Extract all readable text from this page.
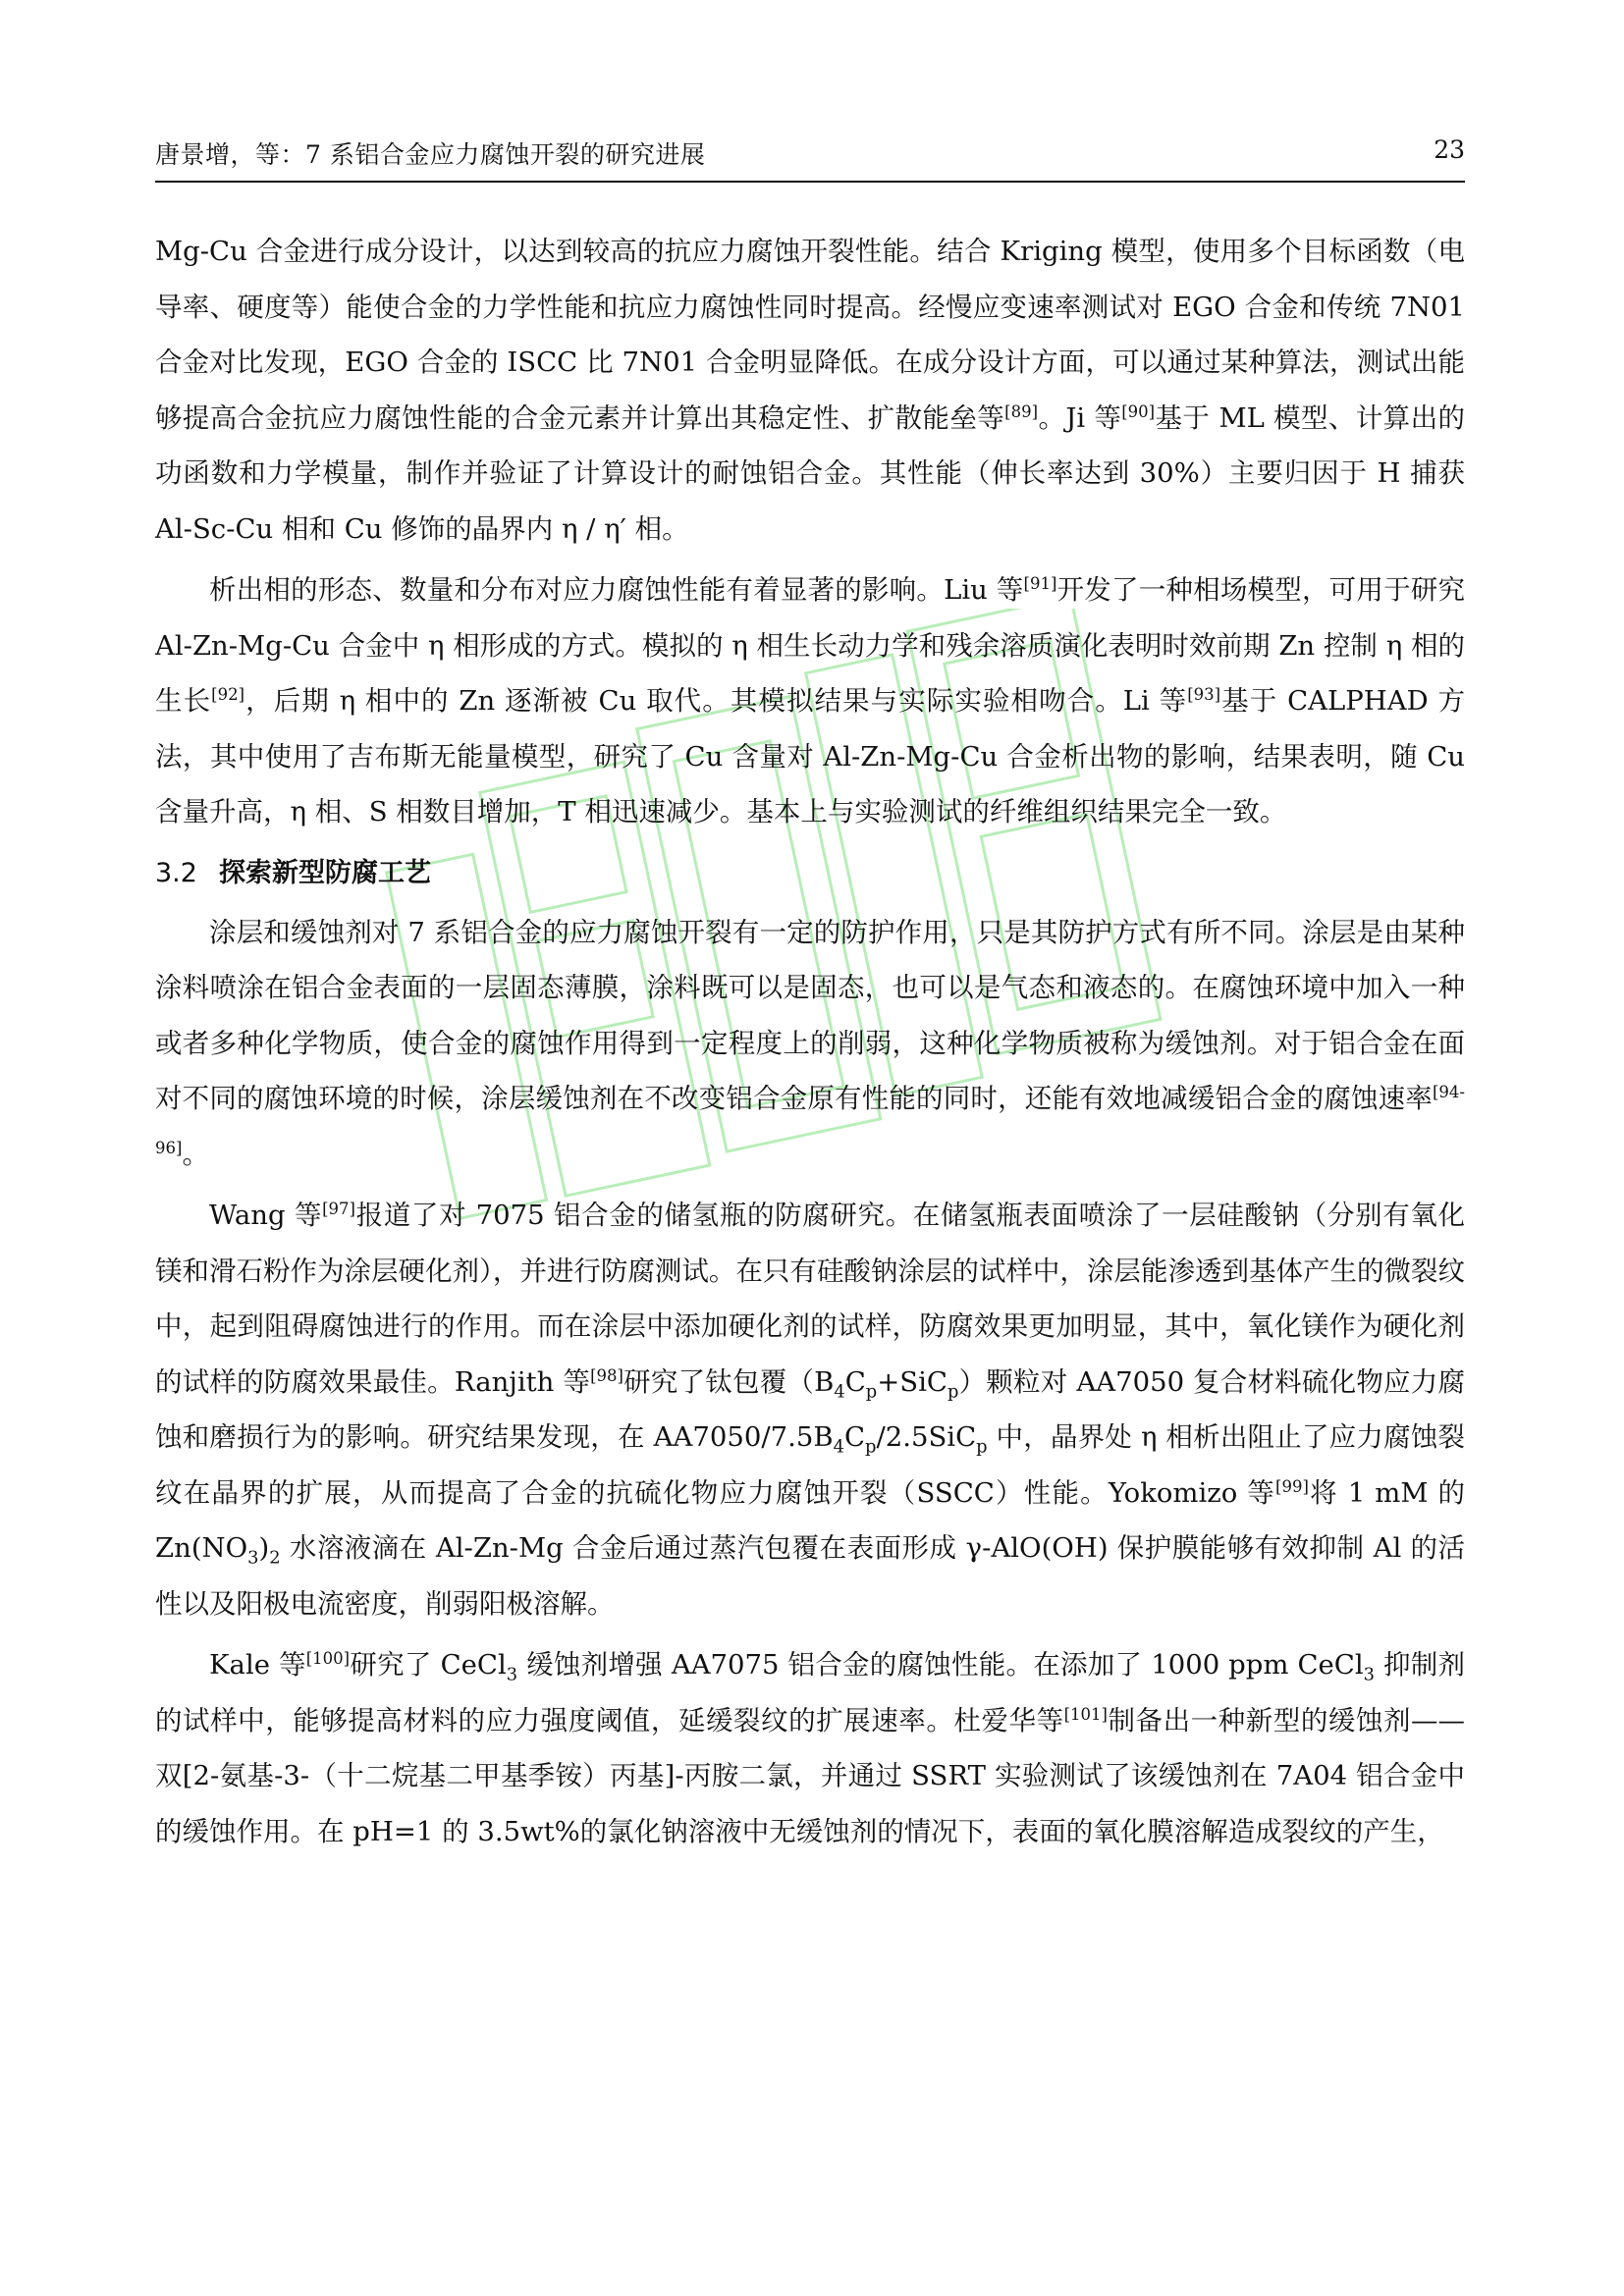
唐景增，等：7 系铝合金应力腐蚀开裂的研究进展	23

Mg-Cu 合金进行成分设计，以达到较高的抗应力腐蚀开裂性能。结合 Kriging 模型，使用多个目标函数（电导率、硬度等）能使合金的力学性能和抗应力腐蚀性同时提高。经慢应变速率测试对 EGO 合金和传统 7N01 合金对比发现，EGO 合金的 ISCC 比 7N01 合金明显降低。在成分设计方面，可以通过某种算法，测试出能够提高合金抗应力腐蚀性能的合金元素并计算出其稳定性、扩散能垒等[89]。Ji 等[90]基于 ML 模型、计算出的功函数和力学模量，制作并验证了计算设计的耐蚀铝合金。其性能（伸长率达到 30%）主要归因于 H 捕获 Al-Sc-Cu 相和 Cu 修饰的晶界内 η / η′ 相。

析出相的形态、数量和分布对应力腐蚀性能有着显著的影响。Liu 等[91]开发了一种相场模型，可用于研究 Al-Zn-Mg-Cu 合金中 η 相形成的方式。模拟的 η 相生长动力学和残余溶质演化表明时效前期 Zn 控制 η 相的生长[92]，后期 η 相中的 Zn 逐渐被 Cu 取代。其模拟结果与实际实验相吻合。Li 等[93]基于 CALPHAD 方法，其中使用了吉布斯无能量模型，研究了 Cu 含量对 Al-Zn-Mg-Cu 合金析出物的影响，结果表明，随 Cu 含量升高，η 相、S 相数目增加，T 相迅速减少。基本上与实验测试的纤维组织结果完全一致。

3.2 探索新型防腐工艺

涂层和缓蚀剂对 7 系铝合金的应力腐蚀开裂有一定的防护作用，只是其防护方式有所不同。涂层是由某种涂料喷涂在铝合金表面的一层固态薄膜，涂料既可以是固态，也可以是气态和液态的。在腐蚀环境中加入一种或者多种化学物质，使合金的腐蚀作用得到一定程度上的削弱，这种化学物质被称为缓蚀剂。对于铝合金在面对不同的腐蚀环境的时候，涂层缓蚀剂在不改变铝合金原有性能的同时，还能有效地减缓铝合金的腐蚀速率[94-96]。

Wang 等[97]报道了对 7075 铝合金的储氢瓶的防腐研究。在储氢瓶表面喷涂了一层硅酸钠（分别有氧化镁和滑石粉作为涂层硬化剂），并进行防腐测试。在只有硅酸钠涂层的试样中，涂层能渗透到基体产生的微裂纹中，起到阻碍腐蚀进行的作用。而在涂层中添加硬化剂的试样，防腐效果更加明显，其中，氧化镁作为硬化剂的试样的防腐效果最佳。Ranjith 等[98]研究了钛包覆$(B_4C_p+SiC_p)$颗粒对 AA7050 复合材料硫化物应力腐蚀和磨损行为的影响。研究结果发现，在 $AA7050/7.5B_4C_p/2.5SiC_p$ 中，晶界处 η 相析出阻止了应力腐蚀裂纹在晶界的扩展，从而提高了合金的抗硫化物应力腐蚀开裂（SSCC）性能。Yokomizo 等[99]将 1 mM 的 $Zn(NO_3)_2$ 水溶液滴在 Al-Zn-Mg 合金后通过蒸汽包覆在表面形成 γ-AlO(OH) 保护膜能够有效抑制 Al 的活性以及阳极电流密度，削弱阳极溶解。

Kale 等[100]研究了 CeCl$_3$ 缓蚀剂增强 AA7075 铝合金的腐蚀性能。在添加了 1000 ppm CeCl$_3$ 抑制剂的试样中，能够提高材料的应力强度阈值，延缓裂纹的扩展速率。杜爱华等[101]制备出一种新型的缓蚀剂——双[2-氨基-3-（十二烷基二甲基季铵）丙基]-丙胺二氯，并通过 SSRT 实验测试了该缓蚀剂在 7A04 铝合金中的缓蚀作用。在 pH=1 的 3.5wt%的氯化钠溶液中无缓蚀剂的情况下，表面的氧化膜溶解造成裂纹的产生，
